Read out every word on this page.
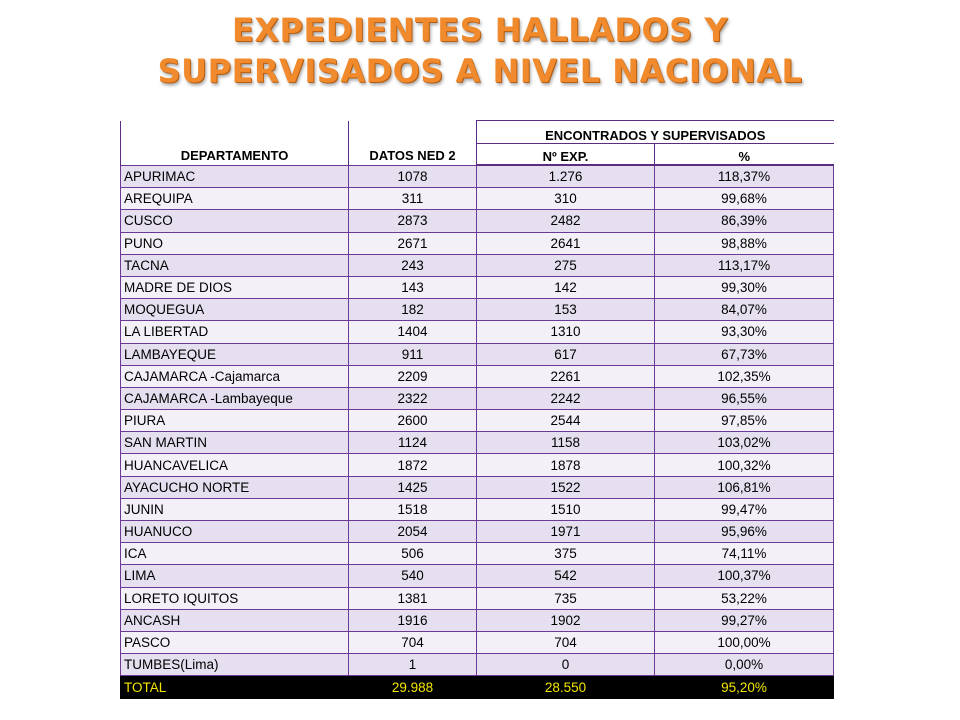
EXPEDIENTES HALLADOS Y
SUPERVISADOS A NIVEL NACIONAL
DEPARTAMENTO	DATOS NED 2	ENCONTRADOS Y SUPERVISADOS	
		Nº EXP.	%
APURIMAC	1078	1.276	118,37%
AREQUIPA	311	310	99,68%
CUSCO	2873	2482	86,39%
PUNO	2671	2641	98,88%
TACNA	243	275	113,17%
MADRE DE DIOS	143	142	99,30%
MOQUEGUA	182	153	84,07%
LA LIBERTAD	1404	1310	93,30%
LAMBAYEQUE	911	617	67,73%
CAJAMARCA -Cajamarca	2209	2261	102,35%
CAJAMARCA -Lambayeque	2322	2242	96,55%
PIURA	2600	2544	97,85%
SAN MARTIN	1124	1158	103,02%
HUANCAVELICA	1872	1878	100,32%
AYACUCHO NORTE	1425	1522	106,81%
JUNIN	1518	1510	99,47%
HUANUCO	2054	1971	95,96%
ICA	506	375	74,11%
LIMA	540	542	100,37%
LORETO IQUITOS	1381	735	53,22%
ANCASH	1916	1902	99,27%
PASCO	704	704	100,00%
TUMBES(Lima)	1	0	0,00%
TOTAL	29.988	28.550	95,20%
